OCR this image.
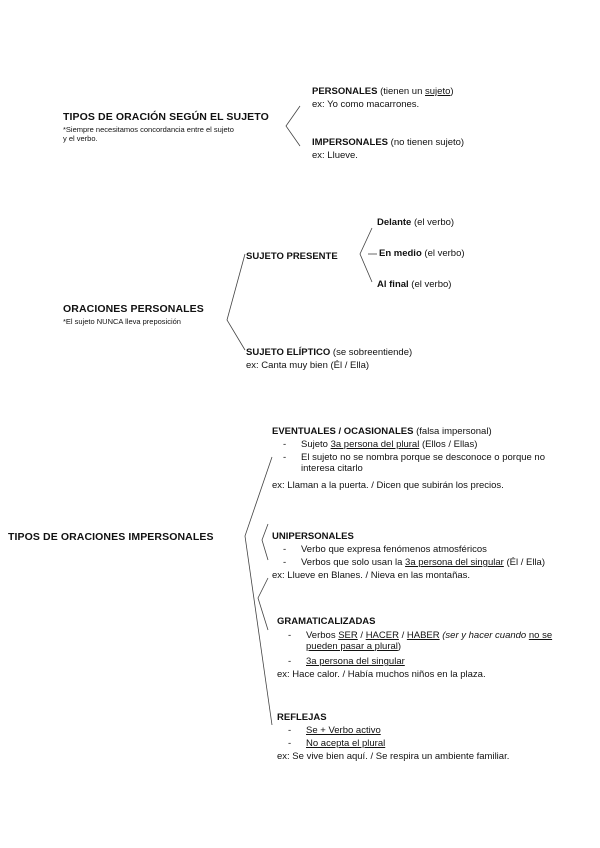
TIPOS DE ORACIÓN SEGÚN EL SUJETO
*Siempre necesitamos concordancia entre el sujeto
y el verbo.
PERSONALES (tienen un sujeto)
ex: Yo como macarrones.
IMPERSONALES (no tienen sujeto)
ex: Llueve.
ORACIONES PERSONALES
*El sujeto NUNCA lleva preposición
SUJETO PRESENTE
Delante (el verbo)
En medio (el verbo)
Al final (el verbo)
SUJETO ELÍPTICO (se sobreentiende)
ex: Canta muy bien (Él / Ella)
TIPOS DE ORACIONES IMPERSONALES
EVENTUALES / OCASIONALES (falsa impersonal)
- Sujeto 3a persona del plural (Ellos / Ellas)
- El sujeto no se nombra porque se desconoce o porque no
interesa citarlo
ex: Llaman a la puerta. / Dicen que subirán los precios.
UNIPERSONALES
- Verbo que expresa fenómenos atmosféricos
- Verbos que solo usan la 3a persona del singular (Él / Ella)
ex: Llueve en Blanes. / Nieva en las montañas.
GRAMATICALIZADAS
- Verbos SER / HACER / HABER (ser y hacer cuando no se
pueden pasar a plural)
- 3a persona del singular
ex: Hace calor. / Había muchos niños en la plaza.
REFLEJAS
- Se + Verbo activo
- No acepta el plural
ex: Se vive bien aquí. / Se respira un ambiente familiar.
